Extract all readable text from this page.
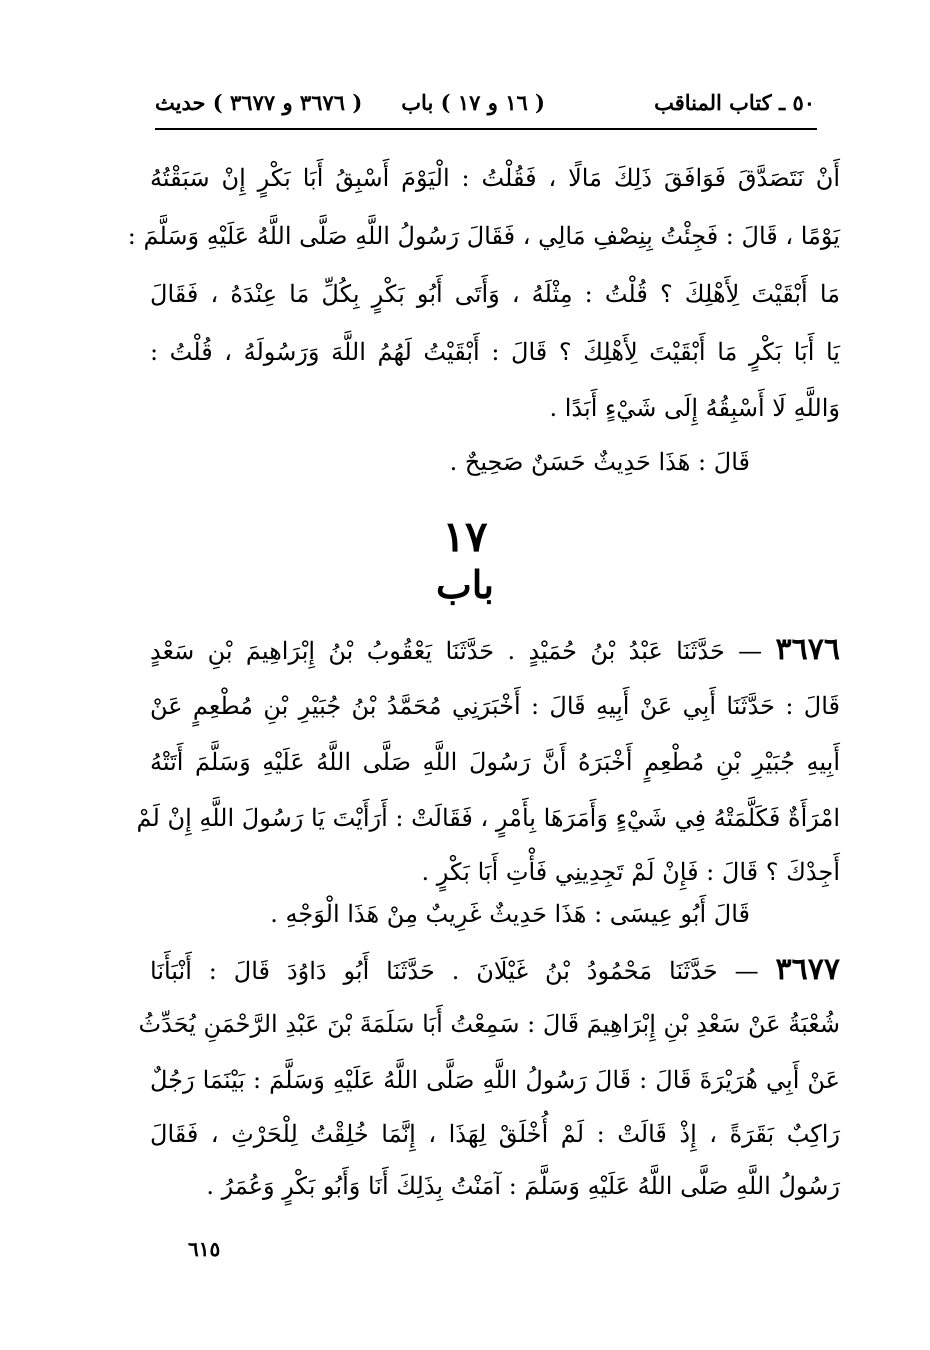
٥٠ ـ كتاب المناقب
( ١٦ و ١٧ ) باب
( ٣٦٧٦ و ٣٦٧٧ ) حديث
أَنْ نَتَصَدَّقَ فَوَافَقَ ذَلِكَ مَالًا ، فَقُلْتُ : الْيَوْمَ أَسْبِقُ أَبَا بَكْرٍ إِنْ سَبَقْتُهُ
يَوْمًا ، قَالَ : فَجِئْتُ بِنِصْفِ مَالِي ، فَقَالَ رَسُولُ اللَّهِ صَلَّى اللَّهُ عَلَيْهِ وَسَلَّمَ :
مَا أَبْقَيْتَ لِأَهْلِكَ ؟ قُلْتُ : مِثْلَهُ ، وَأَتَى أَبُو بَكْرٍ بِكُلِّ مَا عِنْدَهُ ، فَقَالَ
يَا أَبَا بَكْرٍ مَا أَبْقَيْتَ لِأَهْلِكَ ؟ قَالَ : أَبْقَيْتُ لَهُمُ اللَّهَ وَرَسُولَهُ ، قُلْتُ :
وَاللَّهِ لَا أَسْبِقُهُ إِلَى شَيْءٍ أَبَدًا .
قَالَ : هَذَا حَدِيثٌ حَسَنٌ صَحِيحٌ .
١٧
باب
٣٦٧٦ — حَدَّثَنَا عَبْدُ بْنُ حُمَيْدٍ . حَدَّثَنَا يَعْقُوبُ بْنُ إِبْرَاهِيمَ بْنِ سَعْدٍ
قَالَ : حَدَّثَنَا أَبِي عَنْ أَبِيهِ قَالَ : أَخْبَرَنِي مُحَمَّدُ بْنُ جُبَيْرِ بْنِ مُطْعِمٍ عَنْ
أَبِيهِ جُبَيْرِ بْنِ مُطْعِمٍ أَخْبَرَهُ أَنَّ رَسُولَ اللَّهِ صَلَّى اللَّهُ عَلَيْهِ وَسَلَّمَ أَتَتْهُ
امْرَأَةٌ فَكَلَّمَتْهُ فِي شَيْءٍ وَأَمَرَهَا بِأَمْرٍ ، فَقَالَتْ : أَرَأَيْتَ يَا رَسُولَ اللَّهِ إِنْ لَمْ
أَجِدْكَ ؟ قَالَ : فَإِنْ لَمْ تَجِدِينِي فَأْتِ أَبَا بَكْرٍ .
قَالَ أَبُو عِيسَى : هَذَا حَدِيثٌ غَرِيبٌ مِنْ هَذَا الْوَجْهِ .
٣٦٧٧ — حَدَّثَنَا مَحْمُودُ بْنُ غَيْلَانَ . حَدَّثَنَا أَبُو دَاوُدَ قَالَ : أَنْبَأَنَا
شُعْبَةُ عَنْ سَعْدِ بْنِ إِبْرَاهِيمَ قَالَ : سَمِعْتُ أَبَا سَلَمَةَ بْنَ عَبْدِ الرَّحْمَنِ يُحَدِّثُ
عَنْ أَبِي هُرَيْرَةَ قَالَ : قَالَ رَسُولُ اللَّهِ صَلَّى اللَّهُ عَلَيْهِ وَسَلَّمَ : بَيْنَمَا رَجُلٌ
رَاكِبٌ بَقَرَةً ، إِذْ قَالَتْ : لَمْ أُخْلَقْ لِهَذَا ، إِنَّمَا خُلِقْتُ لِلْحَرْثِ ، فَقَالَ
رَسُولُ اللَّهِ صَلَّى اللَّهُ عَلَيْهِ وَسَلَّمَ : آمَنْتُ بِذَلِكَ أَنَا وَأَبُو بَكْرٍ وَعُمَرُ .
٦١٥
